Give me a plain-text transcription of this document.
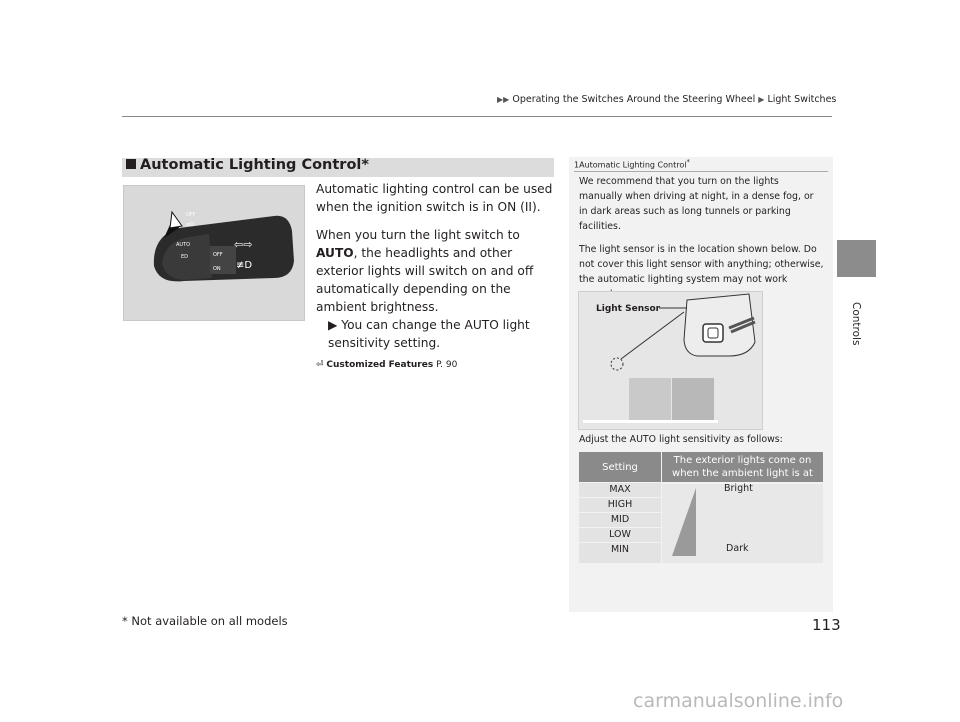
▶▶ Operating the Switches Around the Steering Wheel ▶ Light Switches
Controls
Automatic Lighting Control*
OFF
≡D
AUTO
ED	OFF
ON
⇦⇨
≢D

Automatic lighting control can be used when the ignition switch is in ON (II).

When you turn the light switch to AUTO, the headlights and other exterior lights will switch on and off automatically depending on the ambient brightness.

▶ You can change the AUTO light sensitivity setting.

⏎ Customized Features P. 90
1Automatic Lighting Control*

We recommend that you turn on the lights manually when driving at night, in a dense fog, or in dark areas such as long tunnels or parking facilities.

The light sensor is in the location shown below. Do not cover this light sensor with anything; otherwise, the automatic lighting system may not work

Light Sensor
Adjust the AUTO light sensitivity as follows:
Setting
The exterior lights come on when the ambient light is at
MAX
HIGH
MID
LOW
MIN
Bright
Dark
* Not available on all models	113
carmanualsonline.info
